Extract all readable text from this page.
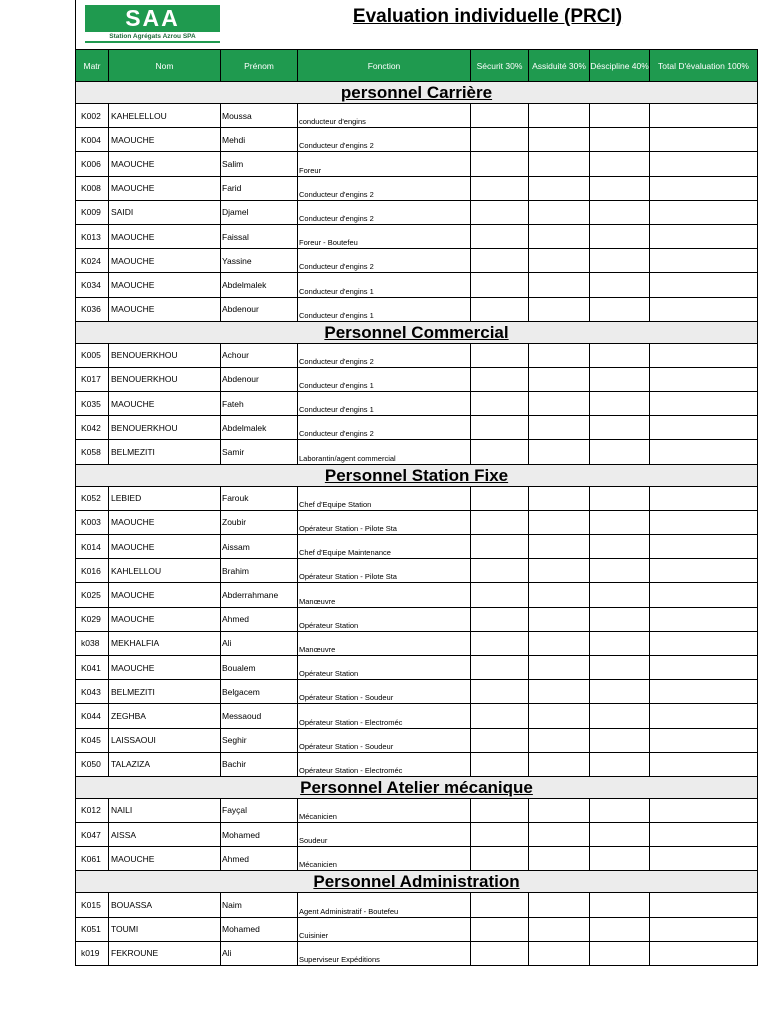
SAA
Station Agrégats Azrou SPA
Evaluation individuelle (PRCI)
Matr	Nom	Prénom	Fonction	Sécurit 30%	Assiduité 30%	Déscipline 40%	Total D'évaluation 100%
personnel Carrière							
K002	KAHELELLOU	Moussa	conducteur d'engins				
K004	MAOUCHE	Mehdi	Conducteur d'engins 2				
K006	MAOUCHE	Salim	Foreur				
K008	MAOUCHE	Farid	Conducteur d'engins 2				
K009	SAIDI	Djamel	Conducteur d'engins 2				
K013	MAOUCHE	Faissal	Foreur - Boutefeu				
K024	MAOUCHE	Yassine	Conducteur d'engins 2				
K034	MAOUCHE	Abdelmalek	Conducteur d'engins 1				
K036	MAOUCHE	Abdenour	Conducteur d'engins 1				
Personnel Commercial							
K005	BENOUERKHOU	Achour	Conducteur d'engins 2				
K017	BENOUERKHOU	Abdenour	Conducteur d'engins 1				
K035	MAOUCHE	Fateh	Conducteur d'engins 1				
K042	BENOUERKHOU	Abdelmalek	Conducteur d'engins 2				
K058	BELMEZITI	Samir	Laborantin/agent commercial				
Personnel Station Fixe							
K052	LEBIED	Farouk	Chef d'Equipe Station				
K003	MAOUCHE	Zoubir	Opérateur Station - Pilote Sta				
K014	MAOUCHE	Aissam	Chef d'Equipe Maintenance				
K016	KAHLELLOU	Brahim	Opérateur Station - Pilote Sta				
K025	MAOUCHE	Abderrahmane	Manœuvre				
K029	MAOUCHE	Ahmed	Opérateur Station				
k038	MEKHALFIA	Ali	Manœuvre				
K041	MAOUCHE	Boualem	Opérateur Station				
K043	BELMEZITI	Belgacem	Opérateur Station - Soudeur				
K044	ZEGHBA	Messaoud	Opérateur Station - Electroméc				
K045	LAISSAOUI	Seghir	Opérateur Station - Soudeur				
K050	TALAZIZA	Bachir	Opérateur Station - Electroméc				
Personnel Atelier mécanique							
K012	NAILI	Fayçal	Mécanicien				
K047	AISSA	Mohamed	Soudeur				
K061	MAOUCHE	Ahmed	Mécanicien				
Personnel Administration							
K015	BOUASSA	Naim	Agent Administratif - Boutefeu				
K051	TOUMI	Mohamed	Cuisinier				
k019	FEKROUNE	Ali	Superviseur Expéditions				
